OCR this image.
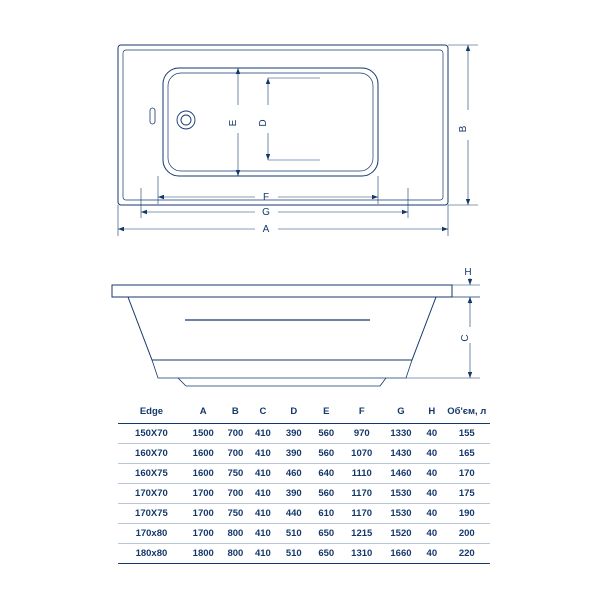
B
E D
F
G
A
H
C
Edge	A	B	C	D	E	F	G	H	Об'єм, л
150X70	1500	700	410	390	560	970	1330	40	155
160X70	1600	700	410	390	560	1070	1430	40	165
160X75	1600	750	410	460	640	1110	1460	40	170
170X70	1700	700	410	390	560	1170	1530	40	175
170X75	1700	750	410	440	610	1170	1530	40	190
170x80	1700	800	410	510	650	1215	1520	40	200
180x80	1800	800	410	510	650	1310	1660	40	220
